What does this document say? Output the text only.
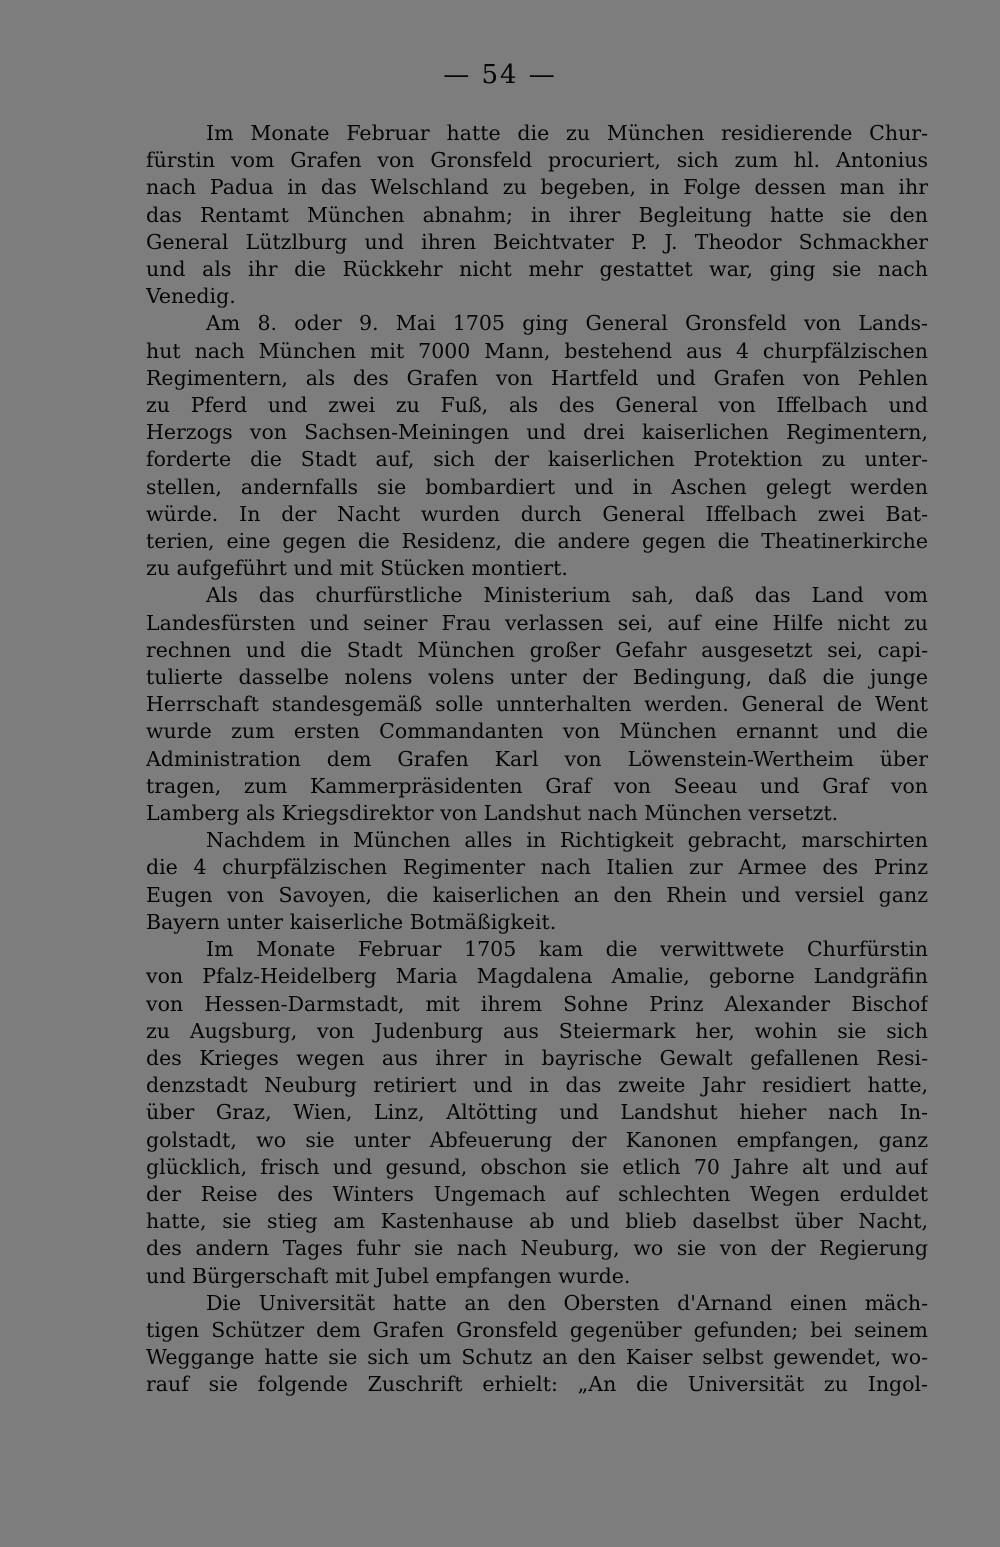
— 54 —
Im Monate Februar hatte die zu München residierende Chur-
fürstin vom Grafen von Gronsfeld procuriert, sich zum hl. Antonius
nach Padua in das Welschland zu begeben, in Folge dessen man ihr
das Rentamt München abnahm; in ihrer Begleitung hatte sie den
General Lützlburg und ihren Beichtvater P. J. Theodor Schmackher
und als ihr die Rückkehr nicht mehr gestattet war, ging sie nach
Venedig.
Am 8. oder 9. Mai 1705 ging General Gronsfeld von Lands-
hut nach München mit 7000 Mann, bestehend aus 4 churpfälzischen
Regimentern, als des Grafen von Hartfeld und Grafen von Pehlen
zu Pferd und zwei zu Fuß, als des General von Iffelbach und
Herzogs von Sachsen-Meiningen und drei kaiserlichen Regimentern,
forderte die Stadt auf, sich der kaiserlichen Protektion zu unter-
stellen, andernfalls sie bombardiert und in Aschen gelegt werden
würde. In der Nacht wurden durch General Iffelbach zwei Bat-
terien, eine gegen die Residenz, die andere gegen die Theatinerkirche
zu aufgeführt und mit Stücken montiert.
Als das churfürstliche Ministerium sah, daß das Land vom
Landesfürsten und seiner Frau verlassen sei, auf eine Hilfe nicht zu
rechnen und die Stadt München großer Gefahr ausgesetzt sei, capi-
tulierte dasselbe nolens volens unter der Bedingung, daß die junge
Herrschaft standesgemäß solle unnterhalten werden. General de Went
wurde zum ersten Commandanten von München ernannt und die
Administration dem Grafen Karl von Löwenstein-Wertheim über
tragen, zum Kammerpräsidenten Graf von Seeau und Graf von
Lamberg als Kriegsdirektor von Landshut nach München versetzt.
Nachdem in München alles in Richtigkeit gebracht, marschirten
die 4 churpfälzischen Regimenter nach Italien zur Armee des Prinz
Eugen von Savoyen, die kaiserlichen an den Rhein und versiel ganz
Bayern unter kaiserliche Botmäßigkeit.
Im Monate Februar 1705 kam die verwittwete Churfürstin
von Pfalz-Heidelberg Maria Magdalena Amalie, geborne Landgräfin
von Hessen-Darmstadt, mit ihrem Sohne Prinz Alexander Bischof
zu Augsburg, von Judenburg aus Steiermark her, wohin sie sich
des Krieges wegen aus ihrer in bayrische Gewalt gefallenen Resi-
denzstadt Neuburg retiriert und in das zweite Jahr residiert hatte,
über Graz, Wien, Linz, Altötting und Landshut hieher nach In-
golstadt, wo sie unter Abfeuerung der Kanonen empfangen, ganz
glücklich, frisch und gesund, obschon sie etlich 70 Jahre alt und auf
der Reise des Winters Ungemach auf schlechten Wegen erduldet
hatte, sie stieg am Kastenhause ab und blieb daselbst über Nacht,
des andern Tages fuhr sie nach Neuburg, wo sie von der Regierung
und Bürgerschaft mit Jubel empfangen wurde.
Die Universität hatte an den Obersten d'Arnand einen mäch-
tigen Schützer dem Grafen Gronsfeld gegenüber gefunden; bei seinem
Weggange hatte sie sich um Schutz an den Kaiser selbst gewendet, wo-
rauf sie folgende Zuschrift erhielt: „An die Universität zu Ingol-
